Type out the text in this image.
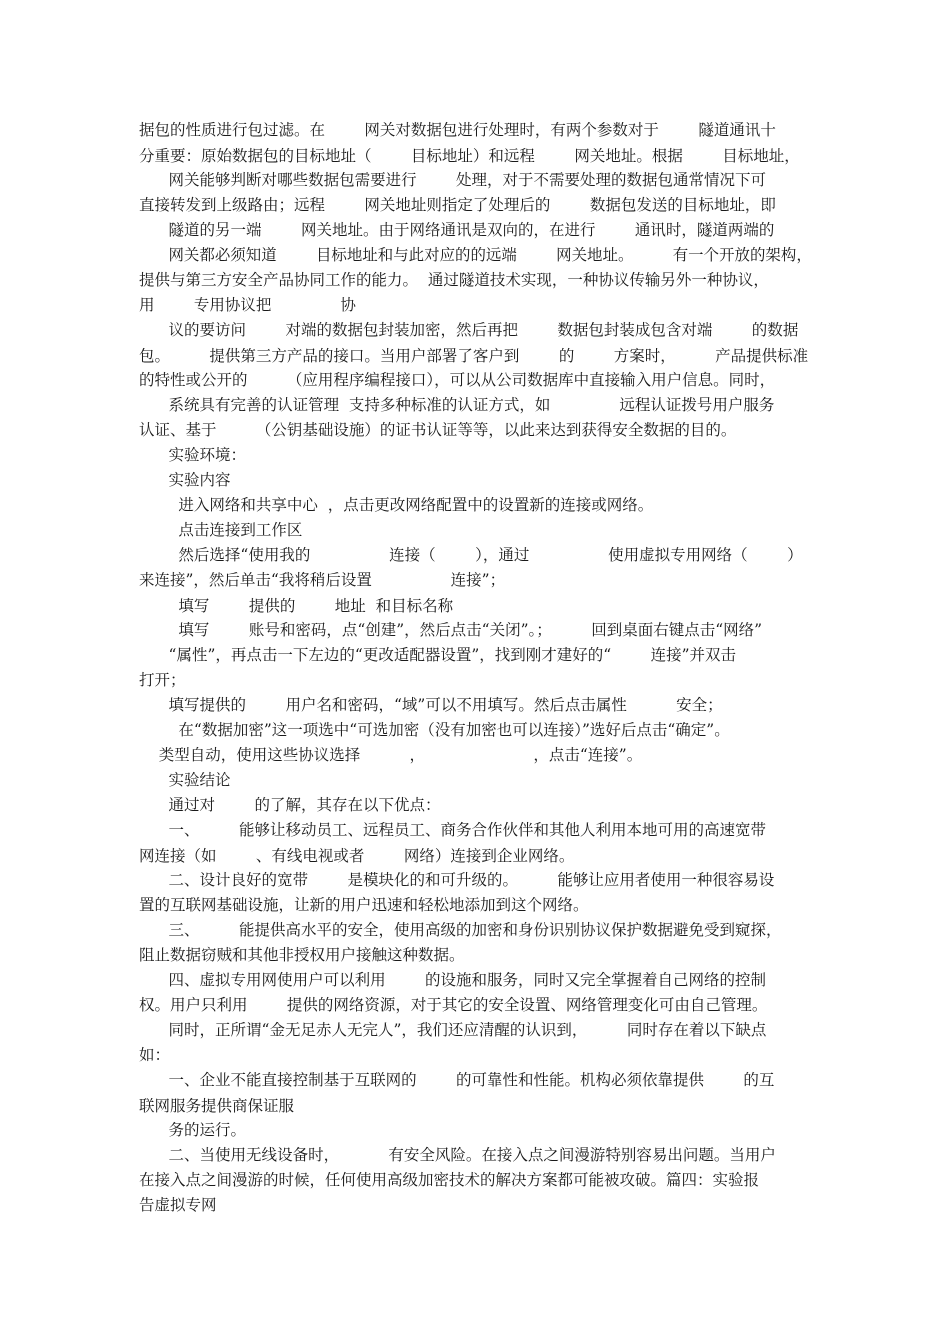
据包的性质进行包过滤。在        网关对数据包进行处理时，有两个参数对于        隧道通讯十
分重要：原始数据包的目标地址（        目标地址）和远程        网关地址。根据        目标地址，
网关能够判断对哪些数据包需要进行        处理，对于不需要处理的数据包通常情况下可
直接转发到上级路由；远程        网关地址则指定了处理后的        数据包发送的目标地址，即
隧道的另一端        网关地址。由于网络通讯是双向的，在进行        通讯时，隧道两端的
网关都必须知道        目标地址和与此对应的的远端        网关地址。        有一个开放的架构，
提供与第三方安全产品协同工作的能力。  通过隧道技术实现，一种协议传输另外一种协议，
用        专用协议把              协
议的要访问        对端的数据包封装加密，然后再把        数据包封装成包含对端        的数据
包。        提供第三方产品的接口。当用户部署了客户到        的        方案时，        产品提供标准
的特性或公开的        （应用程序编程接口），可以从公司数据库中直接输入用户信息。同时，
系统具有完善的认证管理  支持多种标准的认证方式，如              远程认证拨号用户服务
认证、基于        （公钥基础设施）的证书认证等等，以此来达到获得安全数据的目的。
实验环境：
实验内容
进入网络和共享中心  ，点击更改网络配置中的设置新的连接或网络。
点击连接到工作区
然后选择“使用我的                连接（        ），通过                使用虚拟专用网络（        ）
来连接”，然后单击“我将稍后设置                连接”；
填写        提供的        地址  和目标名称
填写        账号和密码，点“创建”，然后点击“关闭”。；        回到桌面右键点击“网络”
“属性”，再点击一下左边的“更改适配器设置”，找到刚才建好的“        连接”并双击
打开；
填写提供的        用户名和密码，“域”可以不用填写。然后点击属性          安全；
在“数据加密”这一项选中“可选加密（没有加密也可以连接）”选好后点击“确定”。
类型自动，使用这些协议选择          ，                      ，点击“连接”。
实验结论
通过对        的了解，其存在以下优点：
一、        能够让移动员工、远程员工、商务合作伙伴和其他人利用本地可用的高速宽带
网连接（如        、有线电视或者        网络）连接到企业网络。
二、设计良好的宽带        是模块化的和可升级的。        能够让应用者使用一种很容易设
置的互联网基础设施，让新的用户迅速和轻松地添加到这个网络。
三、        能提供高水平的安全，使用高级的加密和身份识别协议保护数据避免受到窥探，
阻止数据窃贼和其他非授权用户接触这种数据。
四、虚拟专用网使用户可以利用        的设施和服务，同时又完全掌握着自己网络的控制
权。用户只利用        提供的网络资源，对于其它的安全设置、网络管理变化可由自己管理。
同时，正所谓“金无足赤人无完人”，我们还应清醒的认识到，        同时存在着以下缺点
如：
一、企业不能直接控制基于互联网的        的可靠性和性能。机构必须依靠提供        的互
联网服务提供商保证服
务的运行。
二、当使用无线设备时，          有安全风险。在接入点之间漫游特别容易出问题。当用户
在接入点之间漫游的时候，任何使用高级加密技术的解决方案都可能被攻破。篇四：实验报
告虚拟专网
